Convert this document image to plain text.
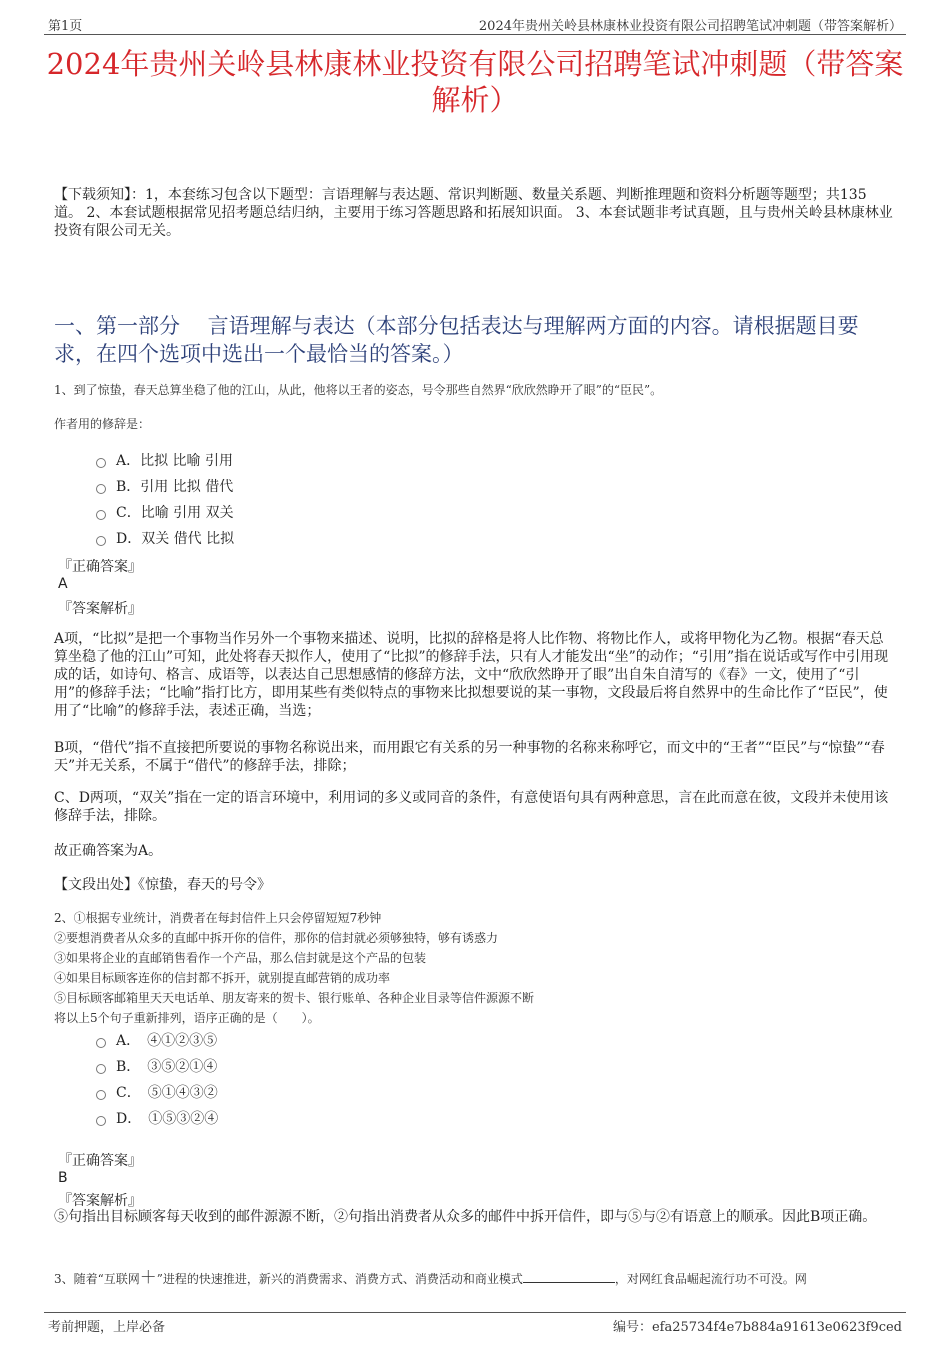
第1页	2024年贵州关岭县林康林业投资有限公司招聘笔试冲刺题（带答案解析）
2024年贵州关岭县林康林业投资有限公司招聘笔试冲刺题（带答案解析）
【下载须知】：1，本套练习包含以下题型：言语理解与表达题、常识判断题、数量关系题、判断推理题和资料分析题等题型；共135道。 2、本套试题根据常见招考题总结归纳，主要用于练习答题思路和拓展知识面。 3、本套试题非考试真题，且与贵州关岭县林康林业投资有限公司无关。
一、第一部分　 言语理解与表达（本部分包括表达与理解两方面的内容。请根据题目要求，在四个选项中选出一个最恰当的答案。）
1、到了惊蛰，春天总算坐稳了他的江山，从此，他将以王者的姿态，号令那些自然界“欣欣然睁开了眼”的“臣民”。
作者用的修辞是：
A．比拟 比喻 引用
B．引用 比拟 借代
C．比喻 引用 双关
D．双关 借代 比拟
『正确答案』
A
『答案解析』
A项，“比拟”是把一个事物当作另外一个事物来描述、说明，比拟的辞格是将人比作物、将物比作人，或将甲物化为乙物。根据“春天总算坐稳了他的江山”可知，此处将春天拟作人，使用了“比拟”的修辞手法，只有人才能发出“坐”的动作；“引用”指在说话或写作中引用现成的话，如诗句、格言、成语等，以表达自己思想感情的修辞方法，文中“欣欣然睁开了眼”出自朱自清写的《春》一文，使用了“引用”的修辞手法；“比喻”指打比方，即用某些有类似特点的事物来比拟想要说的某一事物，文段最后将自然界中的生命比作了“臣民”，使用了“比喻”的修辞手法，表述正确，当选；
B项，“借代”指不直接把所要说的事物名称说出来，而用跟它有关系的另一种事物的名称来称呼它，而文中的“王者”“臣民”与“惊蛰”“春天”并无关系，不属于“借代”的修辞手法，排除；
C、D两项，“双关”指在一定的语言环境中，利用词的多义或同音的条件，有意使语句具有两种意思，言在此而意在彼，文段并未使用该修辞手法，排除。
故正确答案为A。
【文段出处】《惊蛰，春天的号令》
2、①根据专业统计，消费者在每封信件上只会停留短短7秒钟
②要想消费者从众多的直邮中拆开你的信件，那你的信封就必须够独特，够有诱惑力
③如果将企业的直邮销售看作一个产品，那么信封就是这个产品的包装
④如果目标顾客连你的信封都不拆开，就别提直邮营销的成功率
⑤目标顾客邮箱里天天电话单、朋友寄来的贺卡、银行账单、各种企业目录等信件源源不断
将以上5个句子重新排列，语序正确的是（　　）。
A．　④①②③⑤
B．　③⑤②①④
C．　⑤①④③②
D．　①⑤③②④
『正确答案』
B
『答案解析』
⑤句指出目标顾客每天收到的邮件源源不断，②句指出消费者从众多的邮件中拆开信件，即与⑤与②有语意上的顺承。因此B项正确。
3、随着“互联网＋”进程的快速推进，新兴的消费需求、消费方式、消费活动和商业模式	，对网红食品崛起流行功不可没。网
考前押题，上岸必备	编号：efa25734f4e7b884a91613e0623f9ced
